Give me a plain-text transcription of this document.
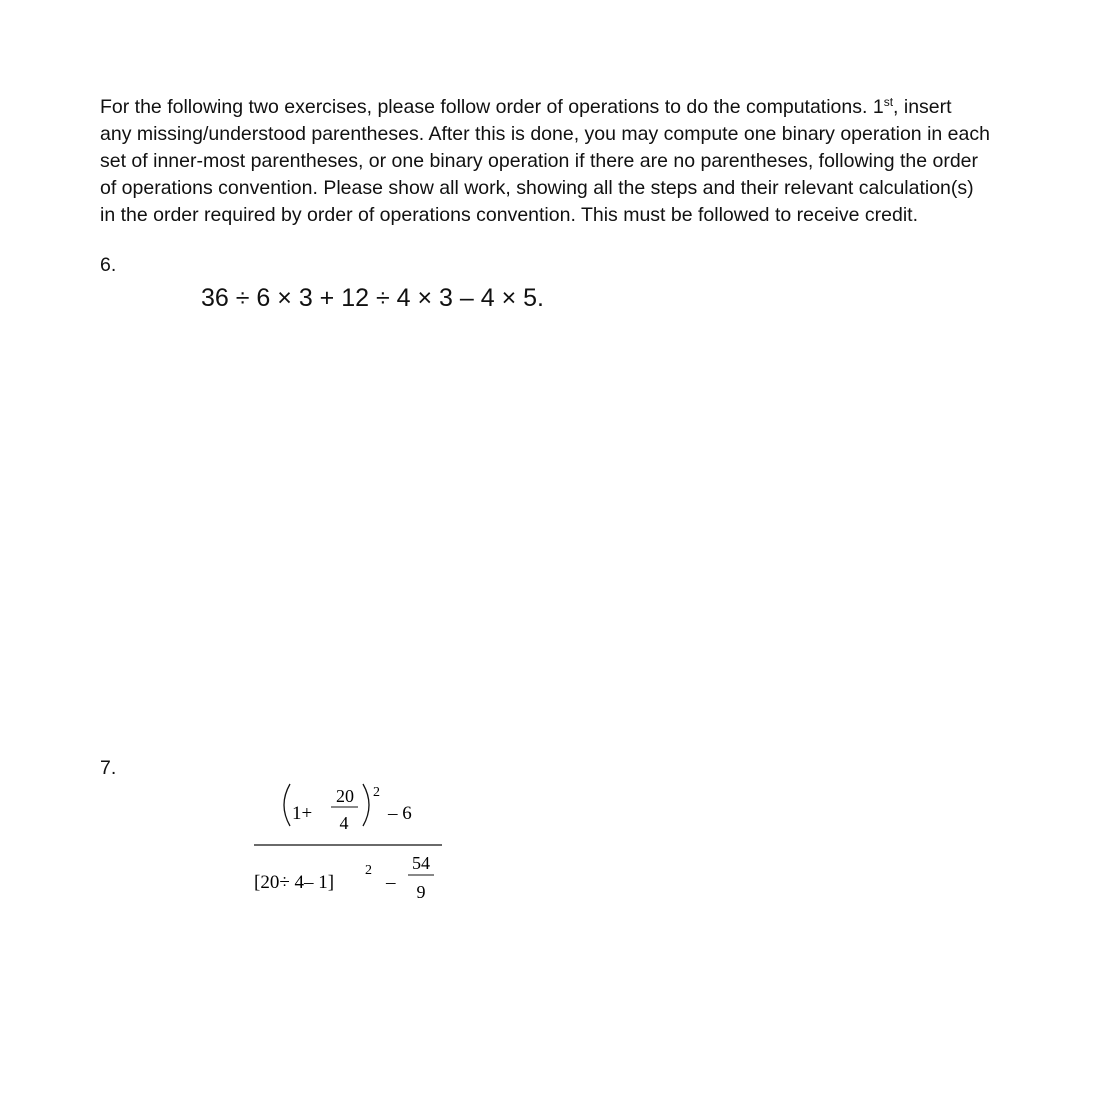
For the following two exercises, please follow order of operations to do the computations. 1st, insert
any missing/understood parentheses. After this is done, you may compute one binary operation in each
set of inner-most parentheses, or one binary operation if there are no parentheses, following the order
of operations convention. Please show all work, showing all the steps and their relevant calculation(s)
in the order required by order of operations convention. This must be followed to receive credit.
6.
36 ÷ 6 × 3 + 12 ÷ 4 × 3 – 4 × 5.
7.
1+
20
4
2
– 6
[20÷ 4– 1]
2
–
54
9
